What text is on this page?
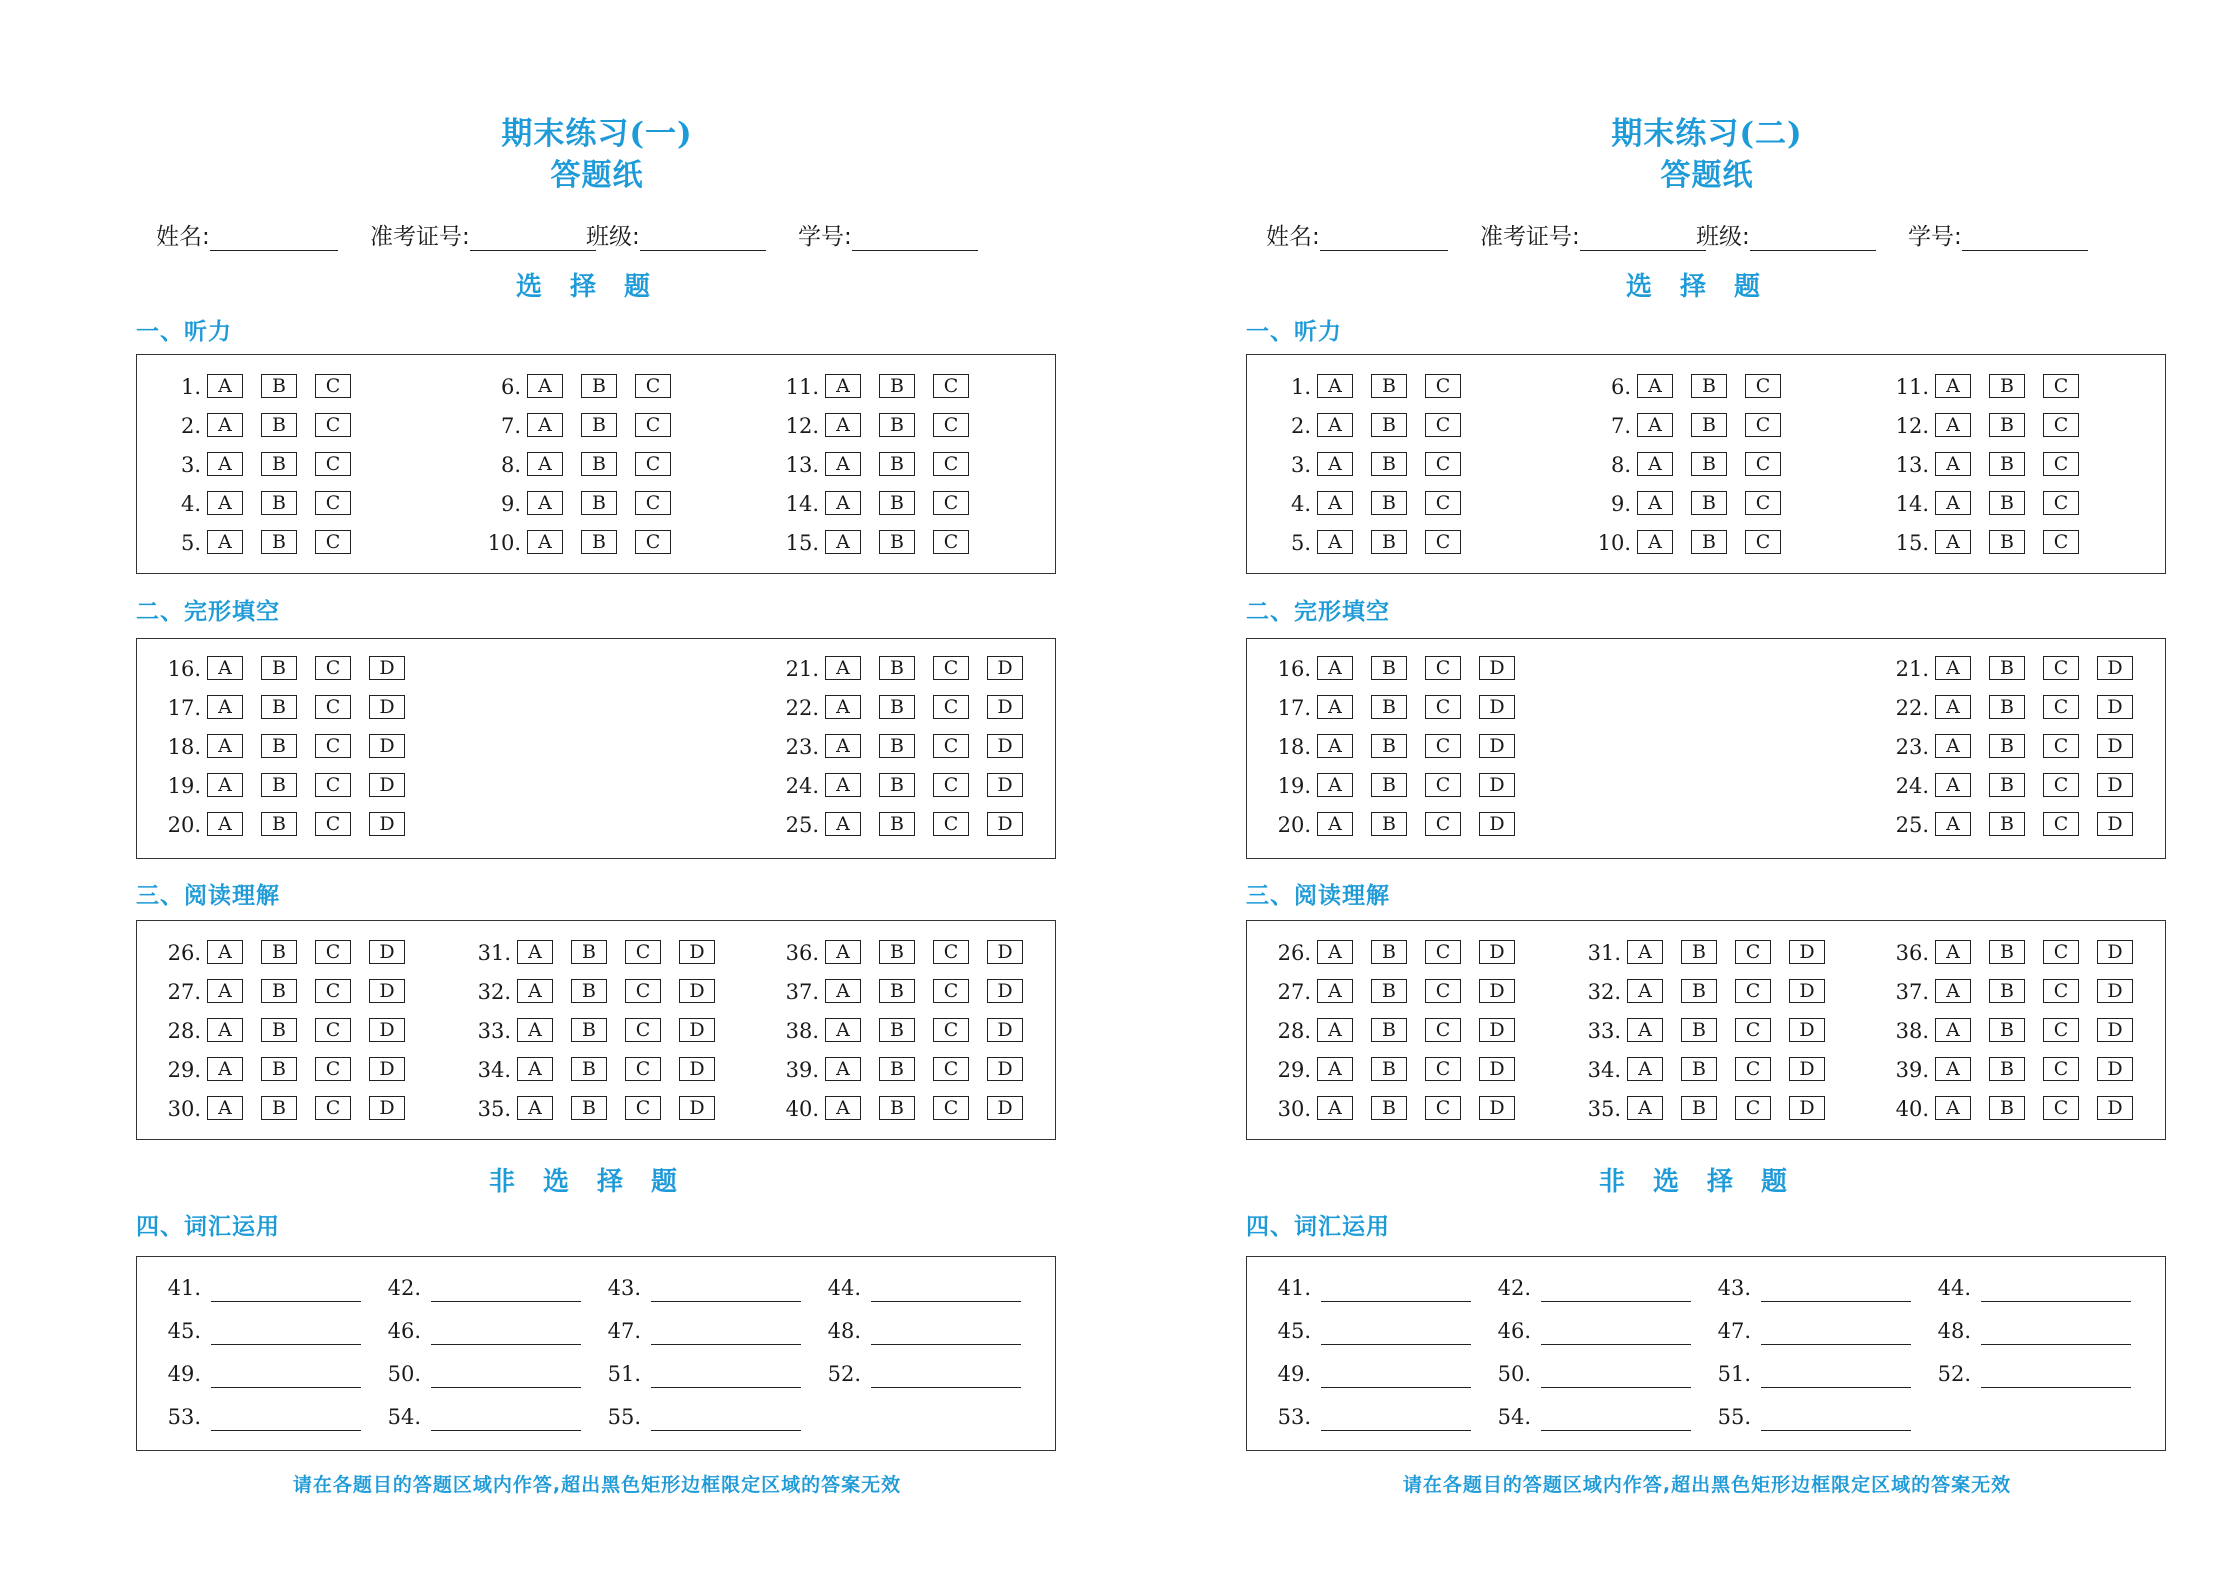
期末练习(一)
答题纸
姓名:	准考证号:	班级:	学号:
选择题
一、听力
1. A	B	C
2. A	B	C
3. A	B	C
4. A	B	C
5. A	B	C
6. A	B	C
7. A	B	C
8. A	B	C
9. A	B	C
10. A	B	C
11. A	B	C
12. A	B	C
13. A	B	C
14. A	B	C
15. A	B	C
二、完形填空
16. A	B	C	D
17. A	B	C	D
18. A	B	C	D
19. A	B	C	D
20. A	B	C	D
21. A	B	C	D
22. A	B	C	D
23. A	B	C	D
24. A	B	C	D
25. A	B	C	D
三、阅读理解
26. A	B	C	D
27. A	B	C	D
28. A	B	C	D
29. A	B	C	D
30. A	B	C	D
31. A	B	C	D
32. A	B	C	D
33. A	B	C	D
34. A	B	C	D
35. A	B	C	D
36. A	B	C	D
37. A	B	C	D
38. A	B	C	D
39. A	B	C	D
40. A	B	C	D
非选择题
四、词汇运用
41.	42.	43.	44.
45.	46.	47.	48.
49.	50.	51.	52.
53.	54.	55.
请在各题目的答题区域内作答,超出黑色矩形边框限定区域的答案无效
期末练习(二)
答题纸
姓名:	准考证号:	班级:	学号:
选择题
一、听力
1. A	B	C
2. A	B	C
3. A	B	C
4. A	B	C
5. A	B	C
6. A	B	C
7. A	B	C
8. A	B	C
9. A	B	C
10. A	B	C
11. A	B	C
12. A	B	C
13. A	B	C
14. A	B	C
15. A	B	C
二、完形填空
16. A	B	C	D
17. A	B	C	D
18. A	B	C	D
19. A	B	C	D
20. A	B	C	D
21. A	B	C	D
22. A	B	C	D
23. A	B	C	D
24. A	B	C	D
25. A	B	C	D
三、阅读理解
26. A	B	C	D
27. A	B	C	D
28. A	B	C	D
29. A	B	C	D
30. A	B	C	D
31. A	B	C	D
32. A	B	C	D
33. A	B	C	D
34. A	B	C	D
35. A	B	C	D
36. A	B	C	D
37. A	B	C	D
38. A	B	C	D
39. A	B	C	D
40. A	B	C	D
非选择题
四、词汇运用
41.	42.	43.	44.
45.	46.	47.	48.
49.	50.	51.	52.
53.	54.	55.
请在各题目的答题区域内作答,超出黑色矩形边框限定区域的答案无效
